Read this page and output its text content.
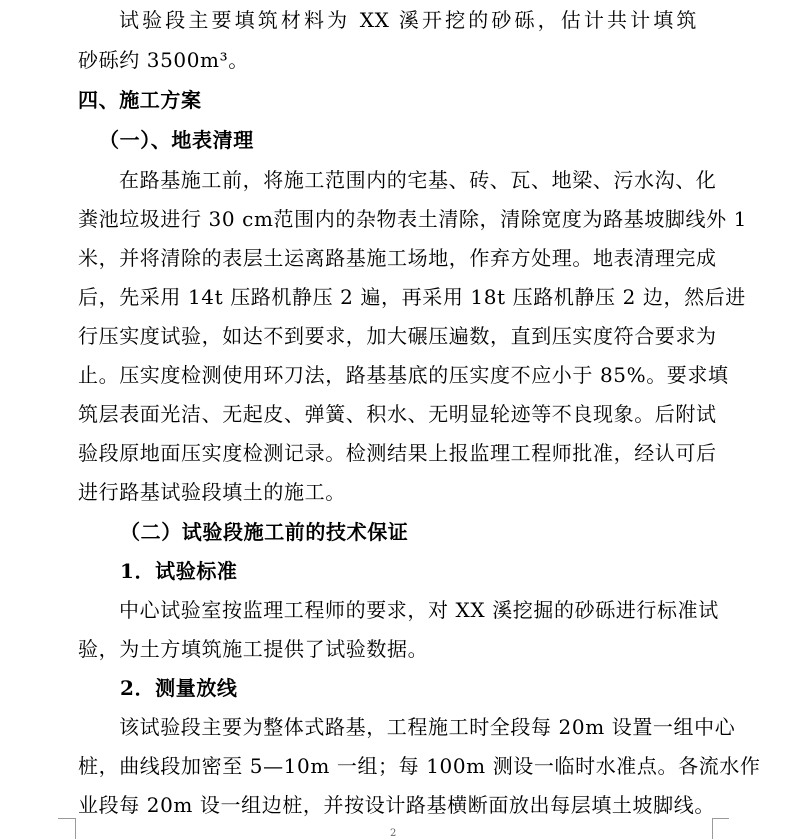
试验段主要填筑材料为 XX 溪开挖的砂砾，估计共计填筑
砂砾约 3500m³。
四、施工方案
（一）、地表清理
在路基施工前，将施工范围内的宅基、砖、瓦、地梁、污水沟、化
粪池垃圾进行 30 cm范围内的杂物表土清除，清除宽度为路基坡脚线外 1
米，并将清除的表层土运离路基施工场地，作弃方处理。地表清理完成
后，先采用 14t 压路机静压 2 遍，再采用 18t 压路机静压 2 边，然后进
行压实度试验，如达不到要求，加大碾压遍数，直到压实度符合要求为
止。压实度检测使用环刀法，路基基底的压实度不应小于 85%。要求填
筑层表面光洁、无起皮、弹簧、积水、无明显轮迹等不良现象。后附试
验段原地面压实度检测记录。检测结果上报监理工程师批准，经认可后
进行路基试验段填土的施工。
（二）试验段施工前的技术保证
1．试验标准
中心试验室按监理工程师的要求，对 XX 溪挖掘的砂砾进行标准试
验，为土方填筑施工提供了试验数据。
2．测量放线
该试验段主要为整体式路基，工程施工时全段每 20m 设置一组中心
桩，曲线段加密至 5—10m 一组；每 100m 测设一临时水准点。各流水作
业段每 20m 设一组边桩，并按设计路基横断面放出每层填土坡脚线。
2
